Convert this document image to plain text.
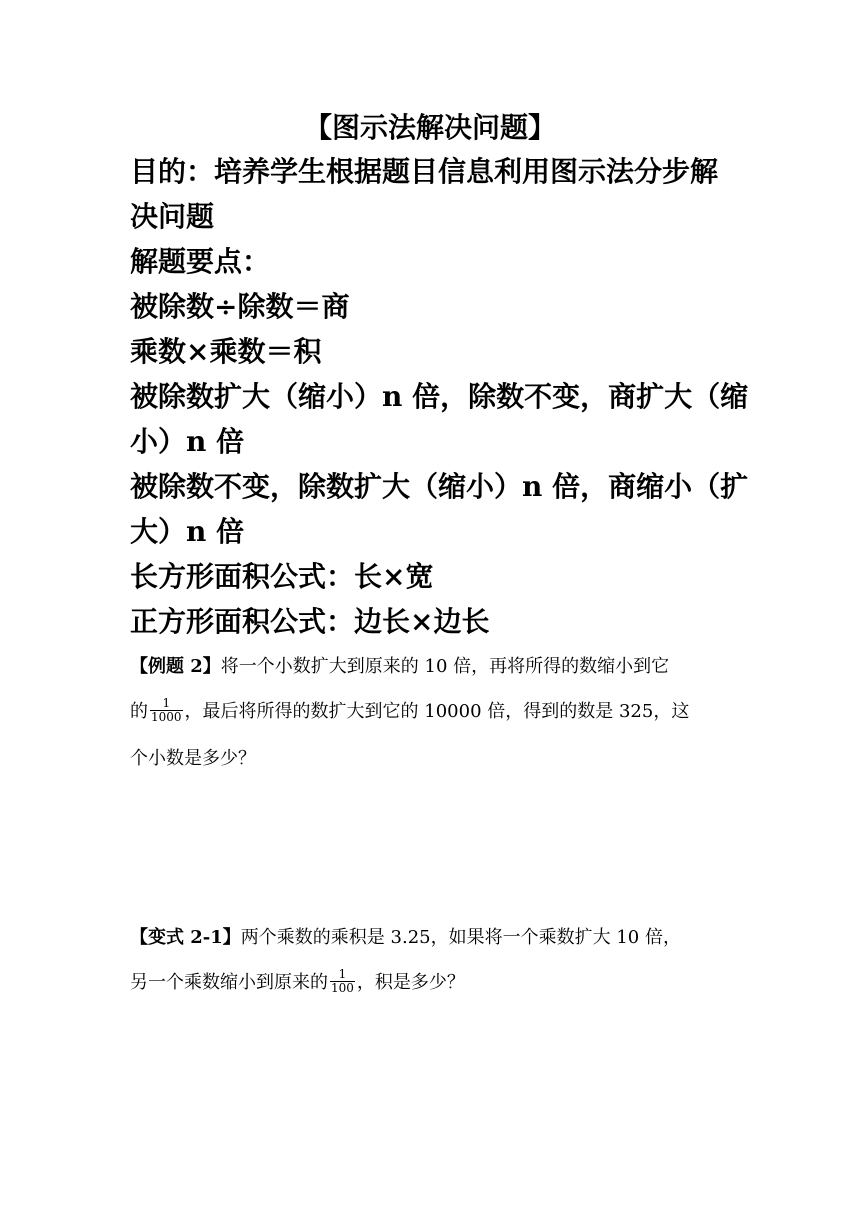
【图示法解决问题】
目的：培养学生根据题目信息利用图示法分步解
决问题
解题要点：
被除数÷除数＝商
乘数×乘数＝积
被除数扩大（缩小）n 倍，除数不变，商扩大（缩
小）n 倍
被除数不变，除数扩大（缩小）n 倍，商缩小（扩
大）n 倍
长方形面积公式：长×宽
正方形面积公式：边长×边长
【例题 2】将一个小数扩大到原来的 10 倍，再将所得的数缩小到它
的 $\frac{1}{1000}$ ，最后将所得的数扩大到它的 10000 倍，得到的数是 325，这
个小数是多少？
【变式 2-1】两个乘数的乘积是 3.25，如果将一个乘数扩大 10 倍，
另一个乘数缩小到原来的 $\frac{1}{100}$ ，积是多少？
